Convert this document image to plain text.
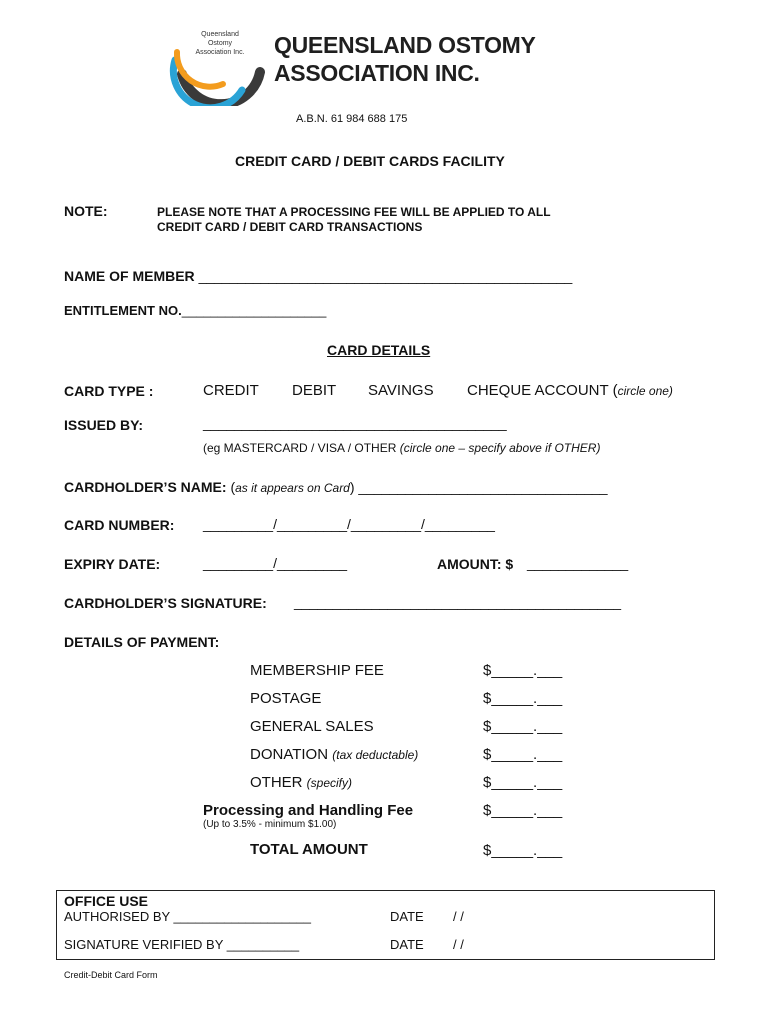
Queensland
Ostomy
Association Inc.	QUEENSLAND OSTOMY
ASSOCIATION INC.
A.B.N. 61 984 688 175
CREDIT CARD / DEBIT CARDS FACILITY
NOTE:	PLEASE NOTE THAT A PROCESSING FEE WILL BE APPLIED TO ALL
CREDIT CARD / DEBIT CARD TRANSACTIONS
NAME OF MEMBER ________________________________________________
ENTITLEMENT NO.____________________
CARD DETAILS
CARD TYPE :	CREDIT DEBIT SAVINGS CHEQUE ACCOUNT (circle one)
ISSUED BY:	_______________________________________
(eg MASTERCARD / VISA / OTHER (circle one – specify above if OTHER)
CARDHOLDER’S NAME: (as it appears on Card) ________________________________
CARD NUMBER: _________/_________/_________/_________
EXPIRY DATE:	_________/_________	AMOUNT: $ _____________
CARDHOLDER’S SIGNATURE: __________________________________________
DETAILS OF PAYMENT:
MEMBERSHIP FEE	$_____.___
POSTAGE	$_____.___
GENERAL SALES	$_____.___
DONATION (tax deductable)	$_____.___
OTHER (specify)	$_____.___
Processing and Handling Fee	$_____.___
(Up to 3.5% - minimum $1.00)
TOTAL AMOUNT	$_____.___
OFFICE USE
AUTHORISED BY ___________________	DATE / /
SIGNATURE VERIFIED BY __________	DATE / /
Credit-Debit Card Form
